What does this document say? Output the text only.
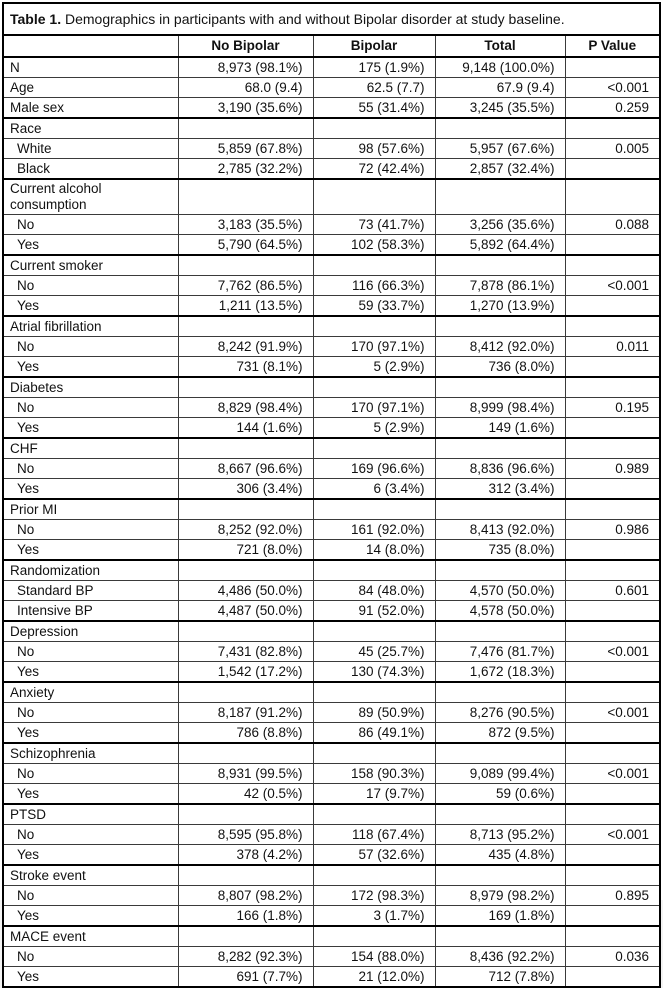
Table 1. Demographics in participants with and without Bipolar disorder at study baseline.				
	No Bipolar	Bipolar	Total	P Value
N	8,973 (98.1%)	175 (1.9%)	9,148 (100.0%)	
Age	68.0 (9.4)	62.5 (7.7)	67.9 (9.4)	<0.001
Male sex	3,190 (35.6%)	55 (31.4%)	3,245 (35.5%)	0.259
Race				
White	5,859 (67.8%)	98 (57.6%)	5,957 (67.6%)	0.005
Black	2,785 (32.2%)	72 (42.4%)	2,857 (32.4%)	
Current alcohol consumption				
No	3,183 (35.5%)	73 (41.7%)	3,256 (35.6%)	0.088
Yes	5,790 (64.5%)	102 (58.3%)	5,892 (64.4%)	
Current smoker				
No	7,762 (86.5%)	116 (66.3%)	7,878 (86.1%)	<0.001
Yes	1,211 (13.5%)	59 (33.7%)	1,270 (13.9%)	
Atrial fibrillation				
No	8,242 (91.9%)	170 (97.1%)	8,412 (92.0%)	0.011
Yes	731 (8.1%)	5 (2.9%)	736 (8.0%)	
Diabetes				
No	8,829 (98.4%)	170 (97.1%)	8,999 (98.4%)	0.195
Yes	144 (1.6%)	5 (2.9%)	149 (1.6%)	
CHF				
No	8,667 (96.6%)	169 (96.6%)	8,836 (96.6%)	0.989
Yes	306 (3.4%)	6 (3.4%)	312 (3.4%)	
Prior MI				
No	8,252 (92.0%)	161 (92.0%)	8,413 (92.0%)	0.986
Yes	721 (8.0%)	14 (8.0%)	735 (8.0%)	
Randomization				
Standard BP	4,486 (50.0%)	84 (48.0%)	4,570 (50.0%)	0.601
Intensive BP	4,487 (50.0%)	91 (52.0%)	4,578 (50.0%)	
Depression				
No	7,431 (82.8%)	45 (25.7%)	7,476 (81.7%)	<0.001
Yes	1,542 (17.2%)	130 (74.3%)	1,672 (18.3%)	
Anxiety				
No	8,187 (91.2%)	89 (50.9%)	8,276 (90.5%)	<0.001
Yes	786 (8.8%)	86 (49.1%)	872 (9.5%)	
Schizophrenia				
No	8,931 (99.5%)	158 (90.3%)	9,089 (99.4%)	<0.001
Yes	42 (0.5%)	17 (9.7%)	59 (0.6%)	
PTSD				
No	8,595 (95.8%)	118 (67.4%)	8,713 (95.2%)	<0.001
Yes	378 (4.2%)	57 (32.6%)	435 (4.8%)	
Stroke event				
No	8,807 (98.2%)	172 (98.3%)	8,979 (98.2%)	0.895
Yes	166 (1.8%)	3 (1.7%)	169 (1.8%)	
MACE event				
No	8,282 (92.3%)	154 (88.0%)	8,436 (92.2%)	0.036
Yes	691 (7.7%)	21 (12.0%)	712 (7.8%)	
